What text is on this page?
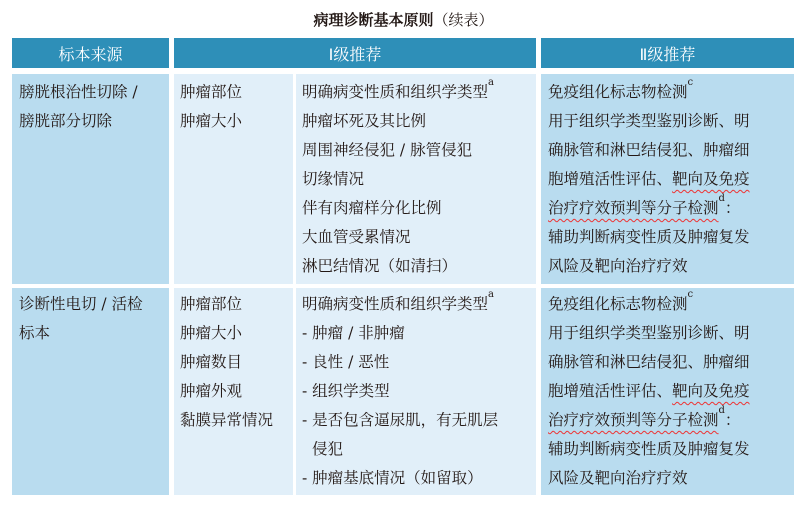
病理诊断基本原则（续表）
标本来源	Ⅰ级推荐	Ⅱ级推荐
膀胱根治性切除 /
膀胱部分切除
肿瘤部位
肿瘤大小
明确病变性质和组织学类型$^a$
肿瘤坏死及其比例
周围神经侵犯 / 脉管侵犯
切缘情况
伴有肉瘤样分化比例
大血管受累情况
淋巴结情况（如清扫）
免疫组化标志物检测$^c$
用于组织学类型鉴别诊断、明
确脉管和淋巴结侵犯、肿瘤细
胞增殖活性评估、靶向及免疫
治疗疗效预判等分子检测$^d$：
辅助判断病变性质及肿瘤复发
风险及靶向治疗疗效
诊断性电切 / 活检
标本
肿瘤部位
肿瘤大小
肿瘤数目
肿瘤外观
黏膜异常情况
明确病变性质和组织学类型$^a$
- 肿瘤 / 非肿瘤
- 良性 / 恶性
- 组织学类型
- 是否包含逼尿肌，有无肌层
侵犯
- 肿瘤基底情况（如留取）
免疫组化标志物检测$^c$
用于组织学类型鉴别诊断、明
确脉管和淋巴结侵犯、肿瘤细
胞增殖活性评估、靶向及免疫
治疗疗效预判等分子检测$^d$：
辅助判断病变性质及肿瘤复发
风险及靶向治疗疗效
